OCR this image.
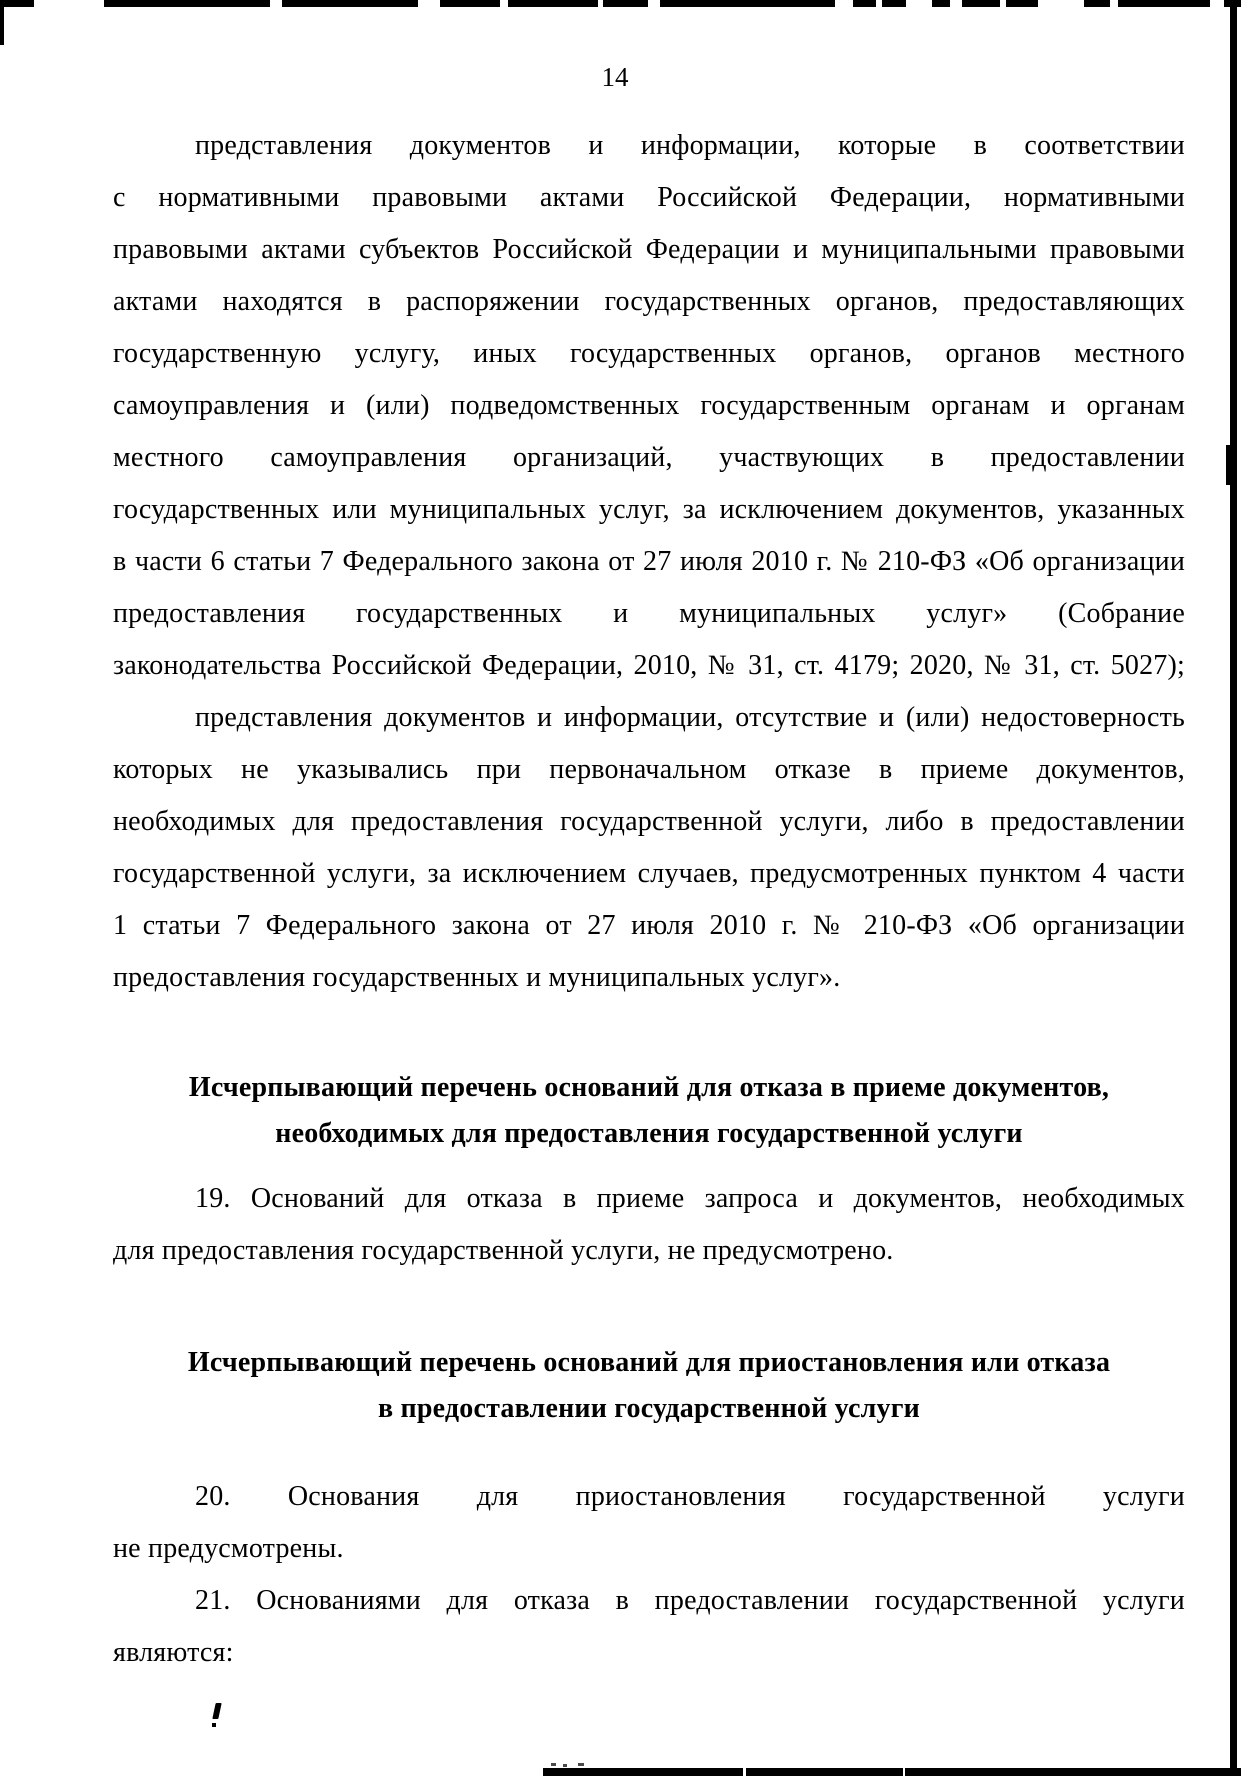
14
представления документов и информации, которые в соответствии
с нормативными правовыми актами Российской Федерации, нормативными
правовыми актами субъектов Российской Федерации и муниципальными правовыми
актами находятся в распоряжении государственных органов, предоставляющих
государственную услугу, иных государственных органов, органов местного
самоуправления и (или) подведомственных государственным органам и органам
местного самоуправления организаций, участвующих в предоставлении
государственных или муниципальных услуг, за исключением документов, указанных
в части 6 статьи 7 Федерального закона от 27 июля 2010 г. № 210-ФЗ «Об организации
предоставления государственных и муниципальных услуг» (Собрание
законодательства Российской Федерации, 2010, № 31, ст. 4179; 2020, № 31, ст. 5027);
представления документов и информации, отсутствие и (или) недостоверность
которых не указывались при первоначальном отказе в приеме документов,
необходимых для предоставления государственной услуги, либо в предоставлении
государственной услуги, за исключением случаев, предусмотренных пунктом 4 части
1 статьи 7 Федерального закона от 27 июля 2010 г. № 210-ФЗ «Об организации
предоставления государственных и муниципальных услуг».
Исчерпывающий перечень оснований для отказа в приеме документов,
необходимых для предоставления государственной услуги
19. Оснований для отказа в приеме запроса и документов, необходимых
для предоставления государственной услуги, не предусмотрено.
Исчерпывающий перечень оснований для приостановления или отказа
в предоставлении государственной услуги
20. Основания для приостановления государственной услуги
не предусмотрены.
21. Основаниями для отказа в предоставлении государственной услуги
являются:
